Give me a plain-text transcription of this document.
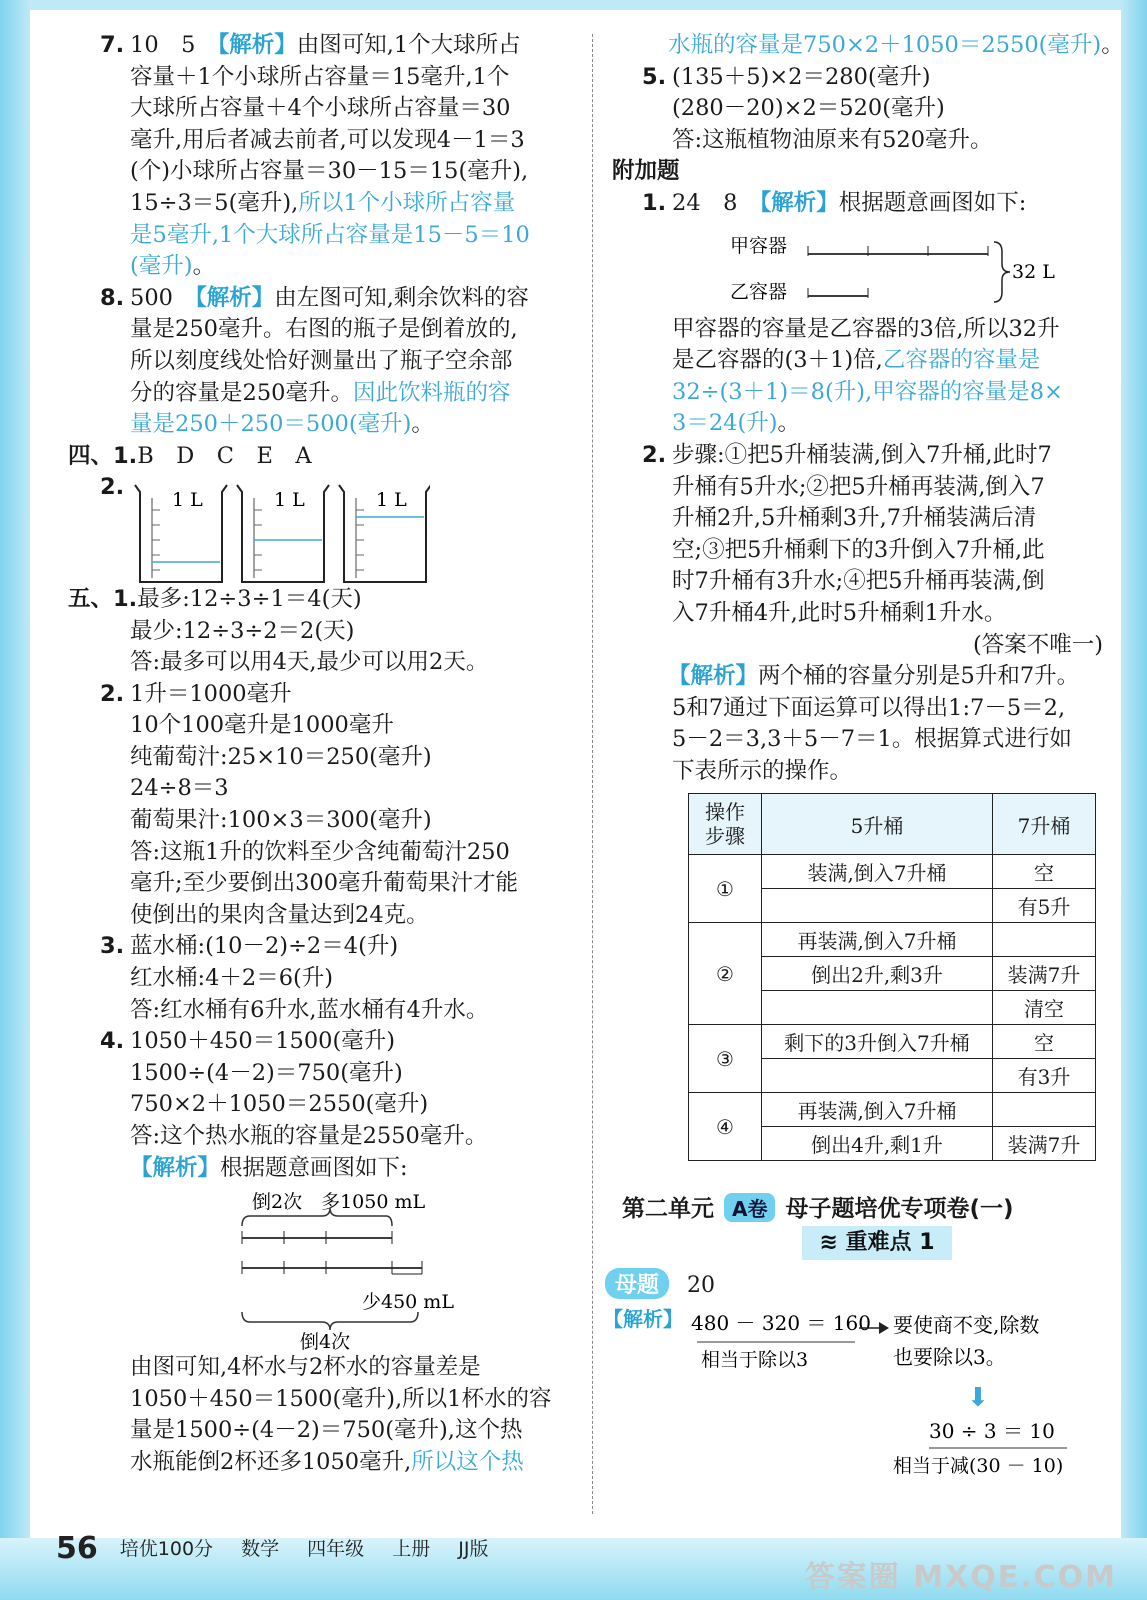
7. 10　5　【解析】由图可知,1个大球所占
容量＋1个小球所占容量＝15毫升,1个
大球所占容量＋4个小球所占容量＝30
毫升,用后者减去前者,可以发现4－1＝3
(个)小球所占容量＝30－15＝15(毫升),
15÷3＝5(毫升),所以1个小球所占容量
是5毫升,1个大球所占容量是15－5＝10
(毫升)。
8. 500　【解析】由左图可知,剩余饮料的容
量是250毫升。右图的瓶子是倒着放的,
所以刻度线处恰好测量出了瓶子空余部
分的容量是250毫升。因此饮料瓶的容
量是250＋250＝500(毫升)。
四、1.B　D　C　E　A
2.
五、1.最多:12÷3÷1＝4(天)
最少:12÷3÷2＝2(天)
答:最多可以用4天,最少可以用2天。
2. 1升＝1000毫升
10个100毫升是1000毫升
纯葡萄汁:25×10＝250(毫升)
24÷8＝3
葡萄果汁:100×3＝300(毫升)
答:这瓶1升的饮料至少含纯葡萄汁250
毫升;至少要倒出300毫升葡萄果汁才能
使倒出的果肉含量达到24克。
3. 蓝水桶:(10－2)÷2＝4(升)
红水桶:4＋2＝6(升)
答:红水桶有6升水,蓝水桶有4升水。
4. 1050＋450＝1500(毫升)
1500÷(4－2)＝750(毫升)
750×2＋1050＝2550(毫升)
答:这个热水瓶的容量是2550毫升。
【解析】根据题意画图如下:
由图可知,4杯水与2杯水的容量差是
1050＋450＝1500(毫升),所以1杯水的容
量是1500÷(4－2)＝750(毫升),这个热
水瓶能倒2杯还多1050毫升,所以这个热
1 L	1 L	1 L
倒2次　多1050 mL
少450 mL
倒4次
水瓶的容量是750×2＋1050＝2550(毫升)。
5. (135＋5)×2＝280(毫升)
(280－20)×2＝520(毫升)
答:这瓶植物油原来有520毫升。
附加题
1. 24　8　【解析】根据题意画图如下:
甲容器的容量是乙容器的3倍,所以32升
是乙容器的(3＋1)倍,乙容器的容量是
32÷(3＋1)＝8(升),甲容器的容量是8×
3＝24(升)。
2. 步骤:①把5升桶装满,倒入7升桶,此时7
升桶有5升水;②把5升桶再装满,倒入7
升桶2升,5升桶剩3升,7升桶装满后清
空;③把5升桶剩下的3升倒入7升桶,此
时7升桶有3升水;④把5升桶再装满,倒
入7升桶4升,此时5升桶剩1升水。
(答案不唯一)
【解析】两个桶的容量分别是5升和7升。
5和7通过下面运算可以得出1:7－5＝2,
5－2＝3,3＋5－7＝1。根据算式进行如
下表所示的操作。
甲容器
乙容器
32 L
操作
步骤	5升桶	7升桶
①	装满,倒入7升桶	空
		有5升
②	再装满,倒入7升桶	
	倒出2升,剩3升	装满7升
		清空
③	剩下的3升倒入7升桶	空
		有3升
④	再装满,倒入7升桶	
	倒出4升,剩1升	装满7升
第二单元 A卷 母子题培优专项卷(一)
≋ 重难点 1
母题 20
【解析】 480 － 320 ＝ 160
相当于除以3
要使商不变,除数
也要除以3。
⬇
30 ÷ 3 ＝ 10
相当于减(30 － 10)
56 培优100分 数学 四年级 上册 JJ版
答案圈 MXQE.COM
